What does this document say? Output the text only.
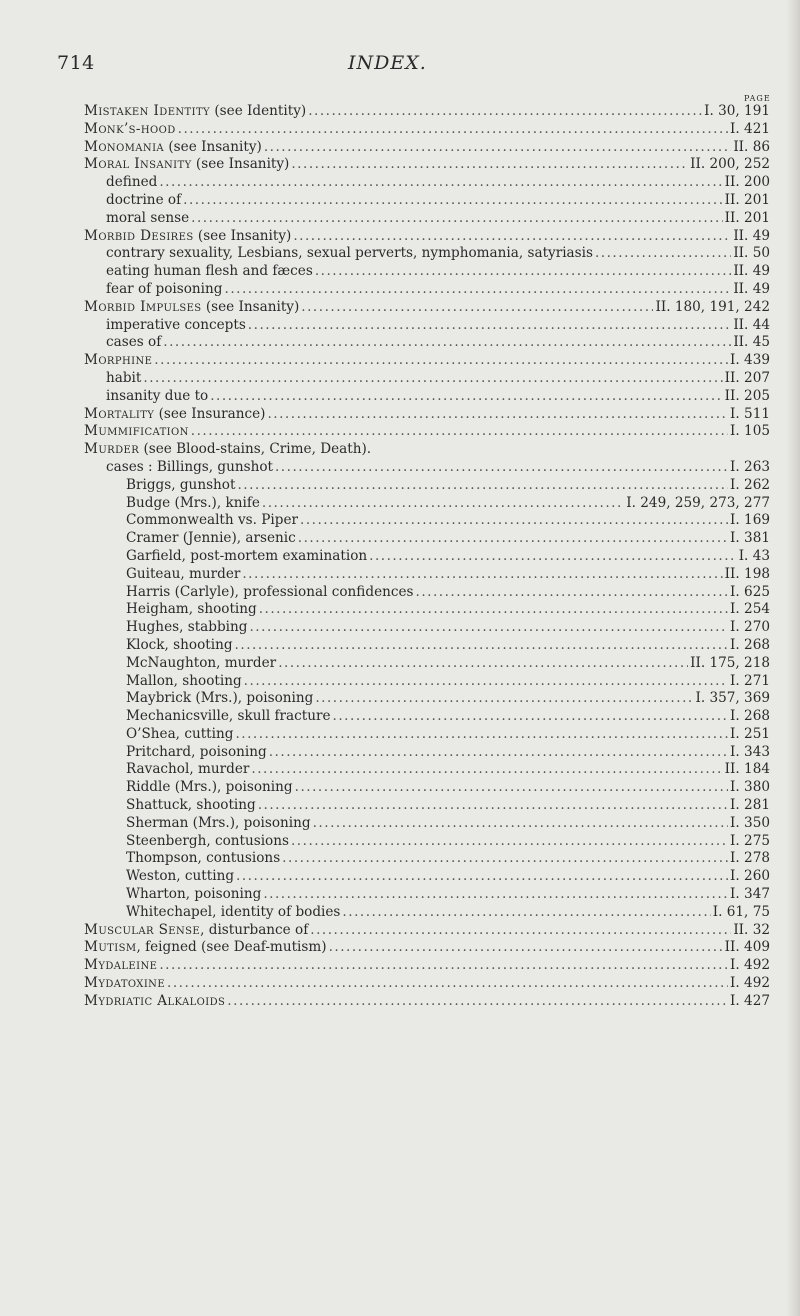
714	INDEX.
PAGE
Mistaken Identity (see Identity) .....	I. 30, 191
Monk’s-hood .....	I. 421
Monomania (see Insanity) .....	II. 86
Moral Insanity (see Insanity) .....	II. 200, 252
defined .....	II. 200
doctrine of .....	II. 201
moral sense .....	II. 201
Morbid Desires (see Insanity) .....	II. 49
contrary sexuality, Lesbians, sexual perverts, nymphomania, satyriasis .....	II. 50
eating human flesh and fæces .....	II. 49
fear of poisoning .....	II. 49
Morbid Impulses (see Insanity) .....	II. 180, 191, 242
imperative concepts .....	II. 44
cases of .....	II. 45
Morphine .....	I. 439
habit .....	II. 207
insanity due to .....	II. 205
Mortality (see Insurance) .....	I. 511
Mummification .....	I. 105
Murder (see Blood-stains, Crime, Death).
cases : Billings, gunshot .....	I. 263
Briggs, gunshot .....	I. 262
Budge (Mrs.), knife .....	I. 249, 259, 273, 277
Commonwealth vs. Piper .....	I. 169
Cramer (Jennie), arsenic .....	I. 381
Garfield, post-mortem examination .....	I. 43
Guiteau, murder .....	II. 198
Harris (Carlyle), professional confidences .....	I. 625
Heigham, shooting .....	I. 254
Hughes, stabbing .....	I. 270
Klock, shooting .....	I. 268
McNaughton, murder .....	II. 175, 218
Mallon, shooting .....	I. 271
Maybrick (Mrs.), poisoning .....	I. 357, 369
Mechanicsville, skull fracture .....	I. 268
O’Shea, cutting .....	I. 251
Pritchard, poisoning .....	I. 343
Ravachol, murder .....	II. 184
Riddle (Mrs.), poisoning .....	I. 380
Shattuck, shooting .....	I. 281
Sherman (Mrs.), poisoning .....	I. 350
Steenbergh, contusions .....	I. 275
Thompson, contusions .....	I. 278
Weston, cutting .....	I. 260
Wharton, poisoning .....	I. 347
Whitechapel, identity of bodies .....	I. 61, 75
Muscular Sense, disturbance of .....	II. 32
Mutism, feigned (see Deaf-mutism) .....	II. 409
Mydaleine .....	I. 492
Mydatoxine .....	I. 492
Mydriatic Alkaloids .....	I. 427
